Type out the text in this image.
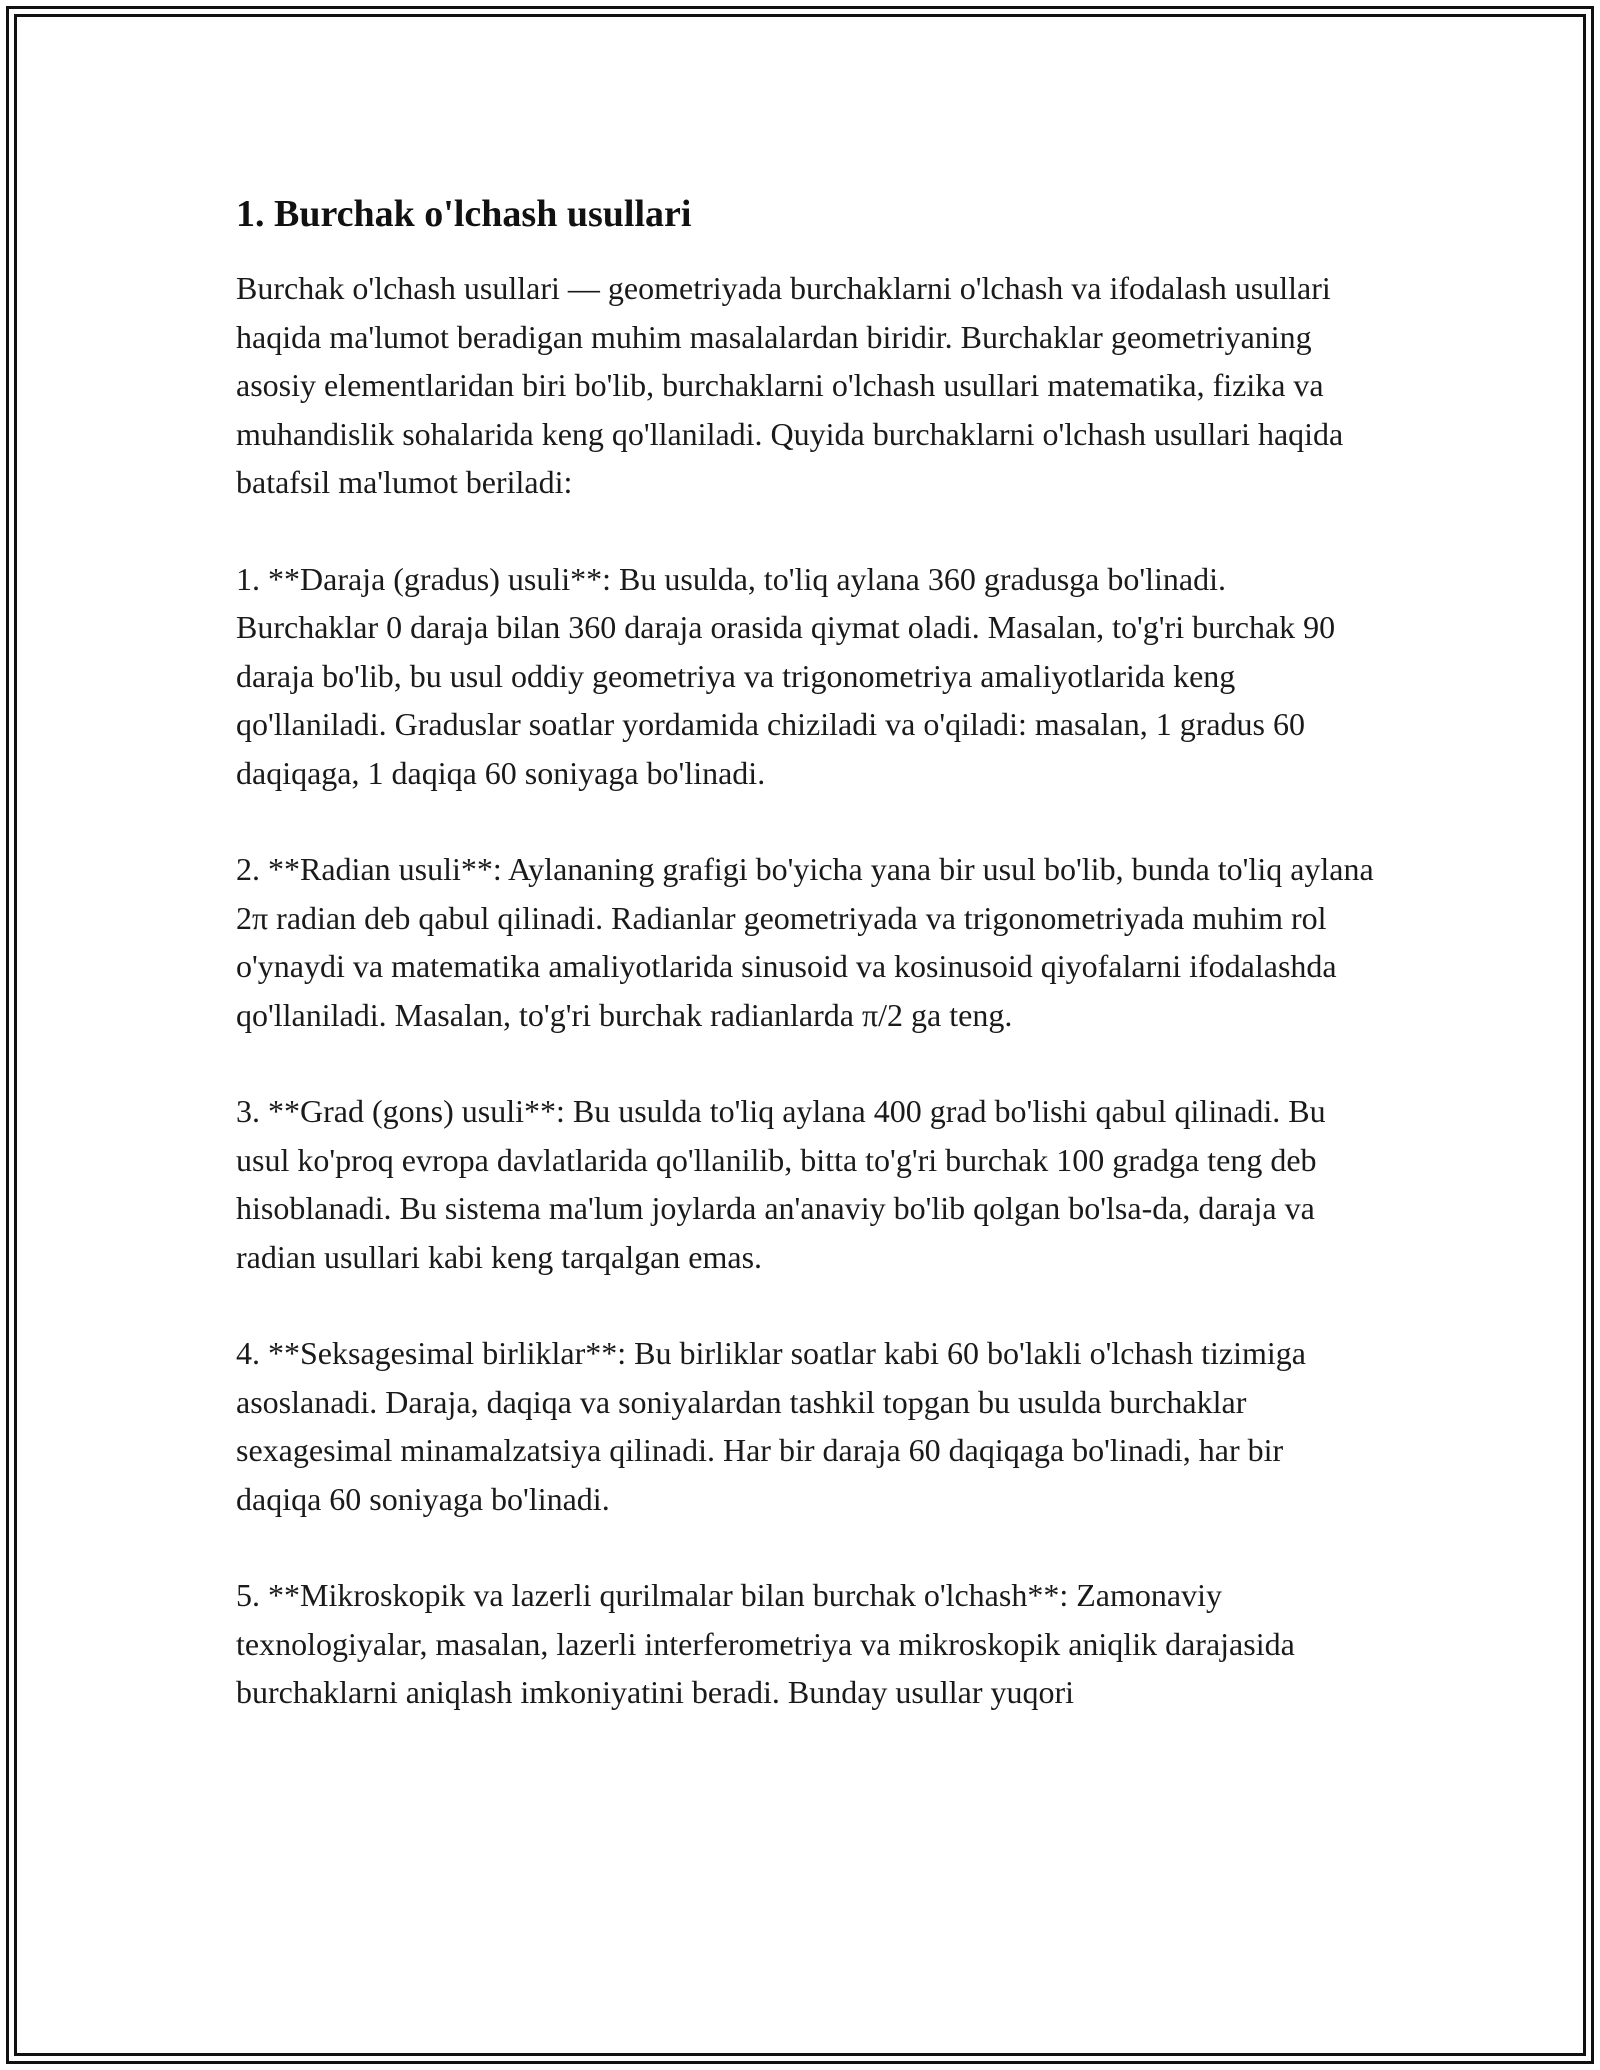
1. Burchak o'lchash usullari

Burchak o'lchash usullari — geometriyada burchaklarni o'lchash va ifodalash usullari haqida ma'lumot beradigan muhim masalalardan biridir. Burchaklar geometriyaning asosiy elementlaridan biri bo'lib, burchaklarni o'lchash usullari matematika, fizika va muhandislik sohalarida keng qo'llaniladi. Quyida burchaklarni o'lchash usullari haqida batafsil ma'lumot beriladi:

1. **Daraja (gradus) usuli**: Bu usulda, to'liq aylana 360 gradusga bo'linadi. Burchaklar 0 daraja bilan 360 daraja orasida qiymat oladi. Masalan, to'g'ri burchak 90 daraja bo'lib, bu usul oddiy geometriya va trigonometriya amaliyotlarida keng qo'llaniladi. Graduslar soatlar yordamida chiziladi va o'qiladi: masalan, 1 gradus 60 daqiqaga, 1 daqiqa 60 soniyaga bo'linadi.

2. **Radian usuli**: Aylananing grafigi bo'yicha yana bir usul bo'lib, bunda to'liq aylana 2π radian deb qabul qilinadi. Radianlar geometriyada va trigonometriyada muhim rol o'ynaydi va matematika amaliyotlarida sinusoid va kosinusoid qiyofalarni ifodalashda qo'llaniladi. Masalan, to'g'ri burchak radianlarda π/2 ga teng.

3. **Grad (gons) usuli**: Bu usulda to'liq aylana 400 grad bo'lishi qabul qilinadi. Bu usul ko'proq evropa davlatlarida qo'llanilib, bitta to'g'ri burchak 100 gradga teng deb hisoblanadi. Bu sistema ma'lum joylarda an'anaviy bo'lib qolgan bo'lsa-da, daraja va radian usullari kabi keng tarqalgan emas.

4. **Seksagesimal birliklar**: Bu birliklar soatlar kabi 60 bo'lakli o'lchash tizimiga asoslanadi. Daraja, daqiqa va soniyalardan tashkil topgan bu usulda burchaklar sexagesimal minamalzatsiya qilinadi. Har bir daraja 60 daqiqaga bo'linadi, har bir daqiqa 60 soniyaga bo'linadi.

5. **Mikroskopik va lazerli qurilmalar bilan burchak o'lchash**: Zamonaviy texnologiyalar, masalan, lazerli interferometriya va mikroskopik aniqlik darajasida burchaklarni aniqlash imkoniyatini beradi. Bunday usullar yuqori
